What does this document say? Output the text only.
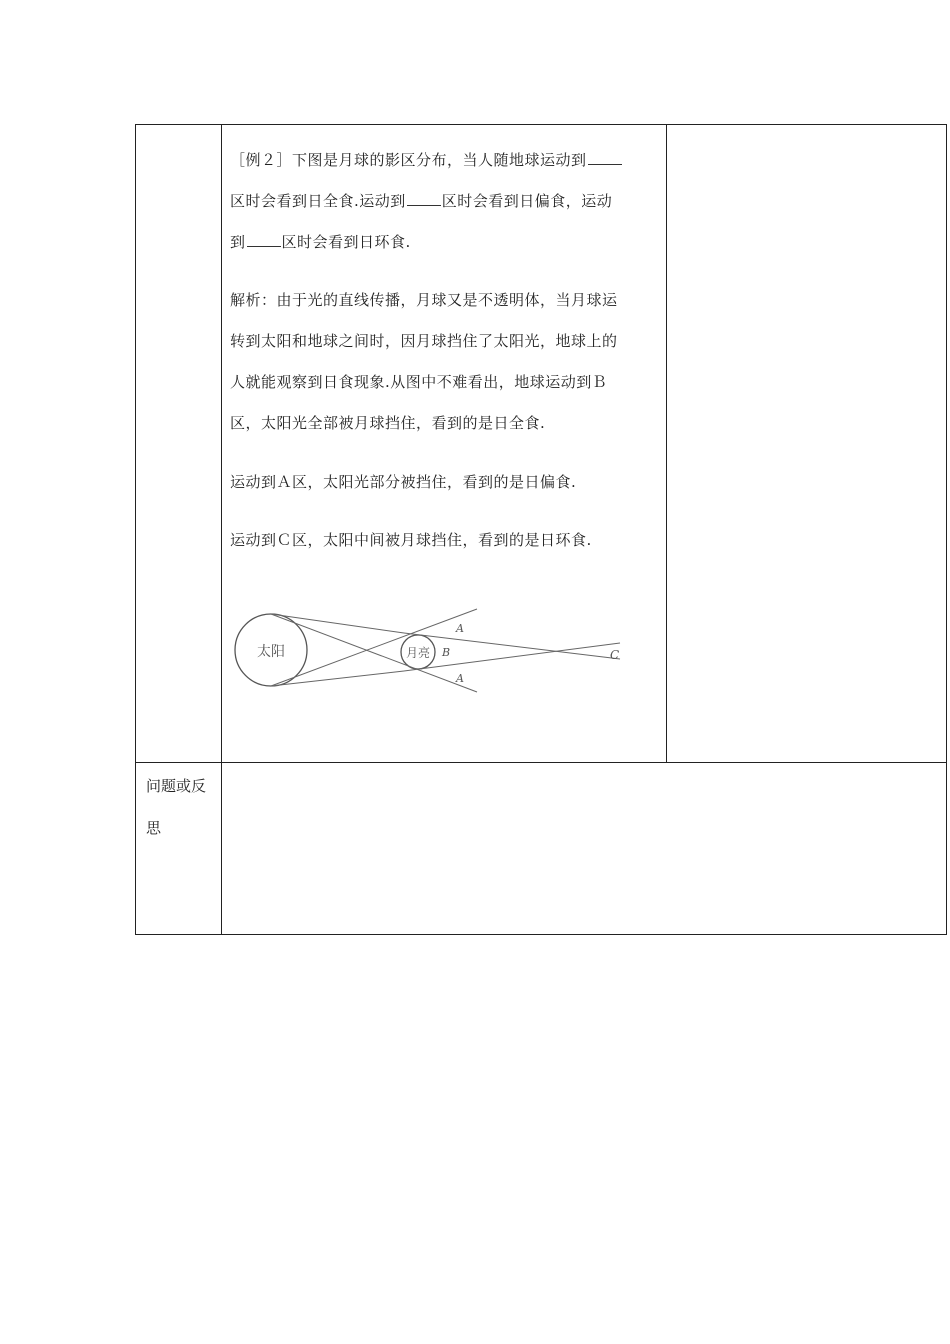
［例２］下图是月球的影区分布，当人随地球运动到
区时会看到日全食.运动到 区时会看到日偏食，运动
到 区时会看到日环食.
解析：由于光的直线传播，月球又是不透明体，当月球运
转到太阳和地球之间时，因月球挡住了太阳光，地球上的
人就能观察到日食现象.从图中不难看出，地球运动到Ｂ
区，太阳光全部被月球挡住，看到的是日全食.
运动到Ａ区，太阳光部分被挡住，看到的是日偏食.
运动到Ｃ区，太阳中间被月球挡住，看到的是日环食.
太阳	月亮
A
B
A
C
问题或反思
